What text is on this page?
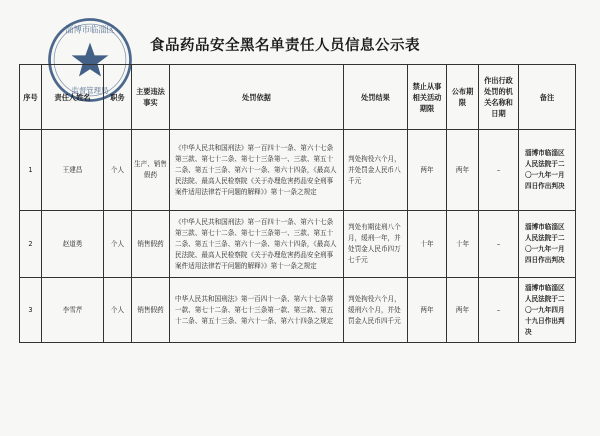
淄博市临淄区
监督管理局
食品药品安全黑名单责任人员信息公示表
序号	责任人姓名	职务	主要违法事实	处罚依据	处罚结果	禁止从事相关活动期限	公布期限	作出行政处罚的机关名称和日期	备注
1	王建昌	个人	生产、销售假药	《中华人民共和国刑法》第一百四十一条、第六十七条第三款、第七十二条、第七十三条第一、三款、第五十二条、第五十三条、第六十一条、第六十四条，《最高人民法院、最高人民检察院《关于办理危害药品安全刑事案件适用法律若干问题的解释》》第十一条之规定	判处拘役六个月，并处罚金人民币八千元	两年	两年	–	淄博市临淄区人民法院于二〇一九年一月四日作出判决
2	赵道勇	个人	销售假药	《中华人民共和国刑法》第一百四十一条、第六十七条第三款、第七十二条、第七十三条第一、三款、第五十二条、第五十三条、第六十一条、第六十四条，《最高人民法院、最高人民检察院《关于办理危害药品安全刑事案件适用法律若干问题的解释》》第十一条之规定	判处有期徒刑八个月，缓刑一年，并处罚金人民币四万七千元	十年	十年	–	淄博市临淄区人民法院于二〇一九年一月四日作出判决
3	李雪芹	个人	销售假药	中华人民共和国刑法》第一百四十一条、第六十七条第一款、第七十二条、第七十三条第一款、第三款、第五十二条、第五十三条、第六十一条、第六十四条之规定	判处拘役六个月，缓刑六个月，并处罚金人民币四千元	两年	两年	–	淄博市临淄区人民法院于二〇一九年四月十九日作出判决
